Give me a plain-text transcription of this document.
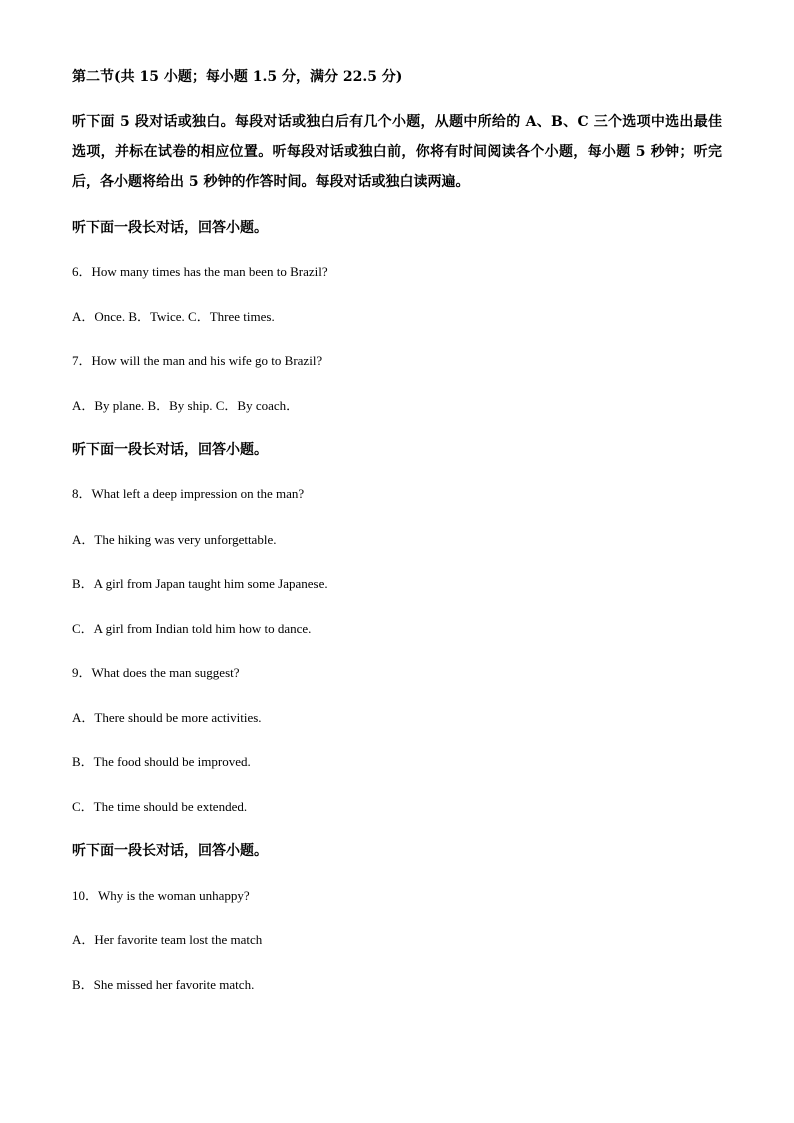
第二节(共 15 小题；每小题 1.5 分，满分 22.5 分)

听下面 5 段对话或独白。每段对话或独白后有几个小题，从题中所给的 A、B、C 三个选项中选出最佳选项，并标在试卷的相应位置。听每段对话或独白前，你将有时间阅读各个小题，每小题 5 秒钟；听完后，各小题将给出 5 秒钟的作答时间。每段对话或独白读两遍。

听下面一段长对话，回答小题。

6．How many times has the man been to Brazil?

A．Once. B．Twice. C．Three times.

7．How will the man and his wife go to Brazil?

A．By plane. B．By ship. C．By coach．

听下面一段长对话，回答小题。

8．What left a deep impression on the man?

A．The hiking was very unforgettable.

B．A girl from Japan taught him some Japanese.

C．A girl from Indian told him how to dance.

9．What does the man suggest?

A．There should be more activities.

B．The food should be improved.

C．The time should be extended.

听下面一段长对话，回答小题。

10．Why is the woman unhappy?

A．Her favorite team lost the match

B．She missed her favorite match.
